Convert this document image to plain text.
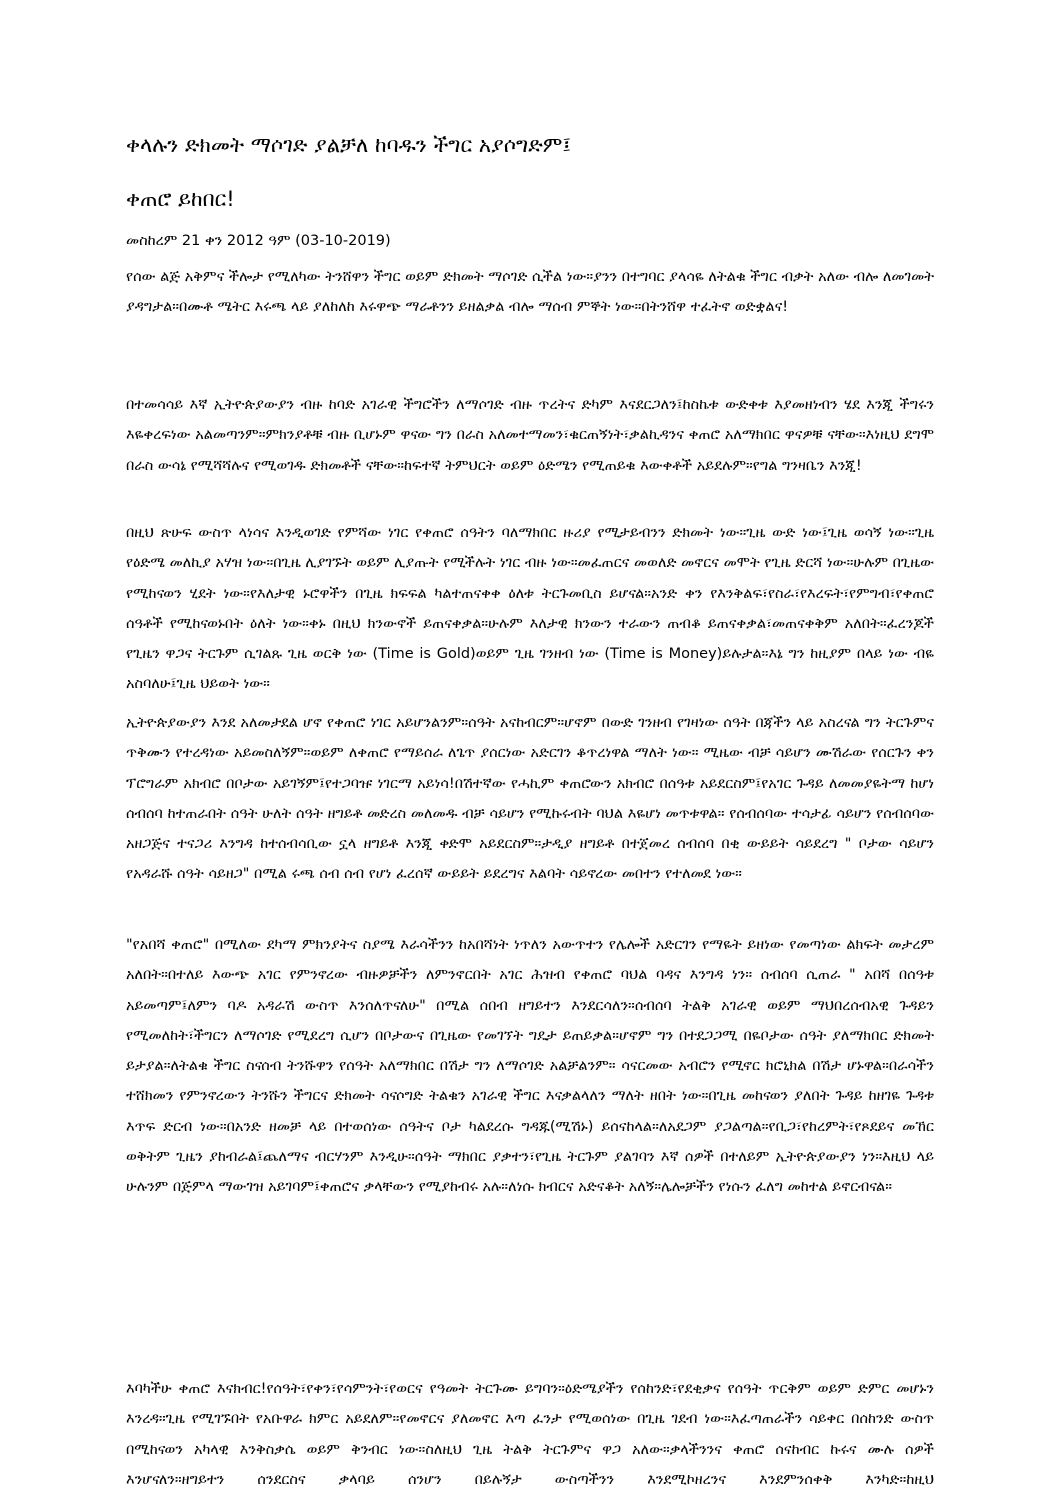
ቀላሉን ድክመት ማሶገድ ያልቻለ ከባዱን ችግር አያሶግድም፤
ቀጠሮ ይከበር!
መስከረም 21 ቀን 2012 ዓም (03-10-2019)

የሰው ልጅ አቅምና ችሎታ የሚለካው ትንሸዋን ችግር ወይም ድክመት ማሶገድ ሲችል ነው።ያንን በተግባር ያላሳዬ ለትልቁ ችግር ብቃት አለው ብሎ ለመገመት ያዳግታል።በሙቶ ሜትር እሩጫ ላይ ያለከለከ እሩዋጭ ማራቶንን ይዘልቃል ብሎ ማሰብ ምኞት ነው።በትንሸዋ ተፈትኖ ወድቋልና!

በተመሳሳይ እኛ ኢትዮጵያውያን ብዙ ከባድ አገራዊ ችግሮችን ለማሶገድ ብዙ ጥረትና ድካም እናደርጋለን፤ከስኬቱ ውድቀቱ እያመዘነብን ሄደ እንጂ ችግሩን እዬቀረፍነው አልመጣንም።ምክንያቶቹ ብዙ ቢሆኑም ዋናው ግን በራስ አለመተማመን፣ቁርጠኝነት፣ቃልኪዳንና ቀጠሮ አለማክበር ዋናዎቹ ናቸው።እነዚህ ደግሞ በራስ ውሳኔ የሚሻሻሉና የሚወገዱ ድክመቶች ናቸው።ከፍተኛ ትምህርት ወይም ዕድሜን የሚጠይቁ እውቀቶች አይደሉም።የግል ግንዛቤን እንጂ!

በዚህ ጽሁፍ ውስጥ ላነሳና እንዲወገድ የምሻው ነገር የቀጠሮ ሰዓትን ባለማክበር ዙሪያ የሚታይብንን ድክመት ነው።ጊዜ ውድ ነው፤ጊዜ ወሳኝ ነው።ጊዜ የዕድሜ መለኪያ አሃዝ ነው።በጊዜ ሊያገኙት ወይም ሊያጡት የሚችሉት ነገር ብዙ ነው።መፈጠርና መወለድ መኖርና መሞት የጊዜ ድርሻ ነው።ሁሉም በጊዜው የሚከናወን ሂደት ነው።የእለታዊ ኑሮዋችን በጊዜ ክፍፍል ካልተጠናቀቀ ዕለቱ ትርጉመቢስ ይሆናል።አንድ ቀን የእንቅልፍ፣የስራ፣የእረፍት፣የምግብ፣የቀጠሮ ሰዓቶች የሚከናወኑበት ዕለት ነው።ቀኑ በዚህ ክንውኖች ይጠናቀቃል።ሁሉም እለታዊ ክንውን ተራውን ጠብቆ ይጠናቀቃል፣መጠናቀቅም አለበት።ፈረንጆች የጊዜን ዋጋና ትርጉም ሲገልጹ ጊዜ ወርቅ ነው (Time is Gold)ወይም ጊዜ ገንዘብ ነው (Time is Money)ይሉታል።እኔ ግን ከዚያም በላይ ነው ብዬ አስባለሁ፤ጊዜ ህይወት ነው።

ኢትዮጵያውያን እንደ አለመታደል ሆኖ የቀጠሮ ነገር አይሆንልንም።ሰዓት አናከብርም።ሆኖም በውድ ገንዘብ የገዛነው ሰዓት በጃችን ላይ አስረናል ግን ትርጉምና ጥቅሙን የተረዳነው አይመስለኝም።ወይም ለቀጠሮ የማይሰራ ለጌጥ ያሰርነው አድርገን ቆጥረነዋል ማለት ነው። ሚዜው ብቻ ሳይሆን ሙሽራው የሰርጉን ቀን ፕሮግራም አክብሮ በቦታው አይገኝም፤የተጋባዡ ነገርማ አይነሳ!በሽተኛው የሓኪም ቀጠሮውን አክብሮ በሰዓቱ አይደርስም፤የአገር ጉዳይ ለመመያዬትማ ከሆነ ሰብሰባ ከተጠራበት ሰዓት ሁለት ሰዓት ዘግይቶ መድረስ መለመዱ ብቻ ሳይሆን የሚኩሩብት ባህል እዬሆነ መጥቱዋል። የሰብሰባው ተሳታፊ ሳይሆን የሰብሰባው አዘጋጅና ተናጋሪ እንግዳ ከተሰብሳቢው ኗላ ዘግይቶ እንጂ ቀድሞ አይደርስም።ታዲያ ዘግይቶ በተጀመረ ሰብሰባ በቂ ውይይት ሳይደረግ " ቦታው ሳይሆን የአዳራሹ ሰዓት ሳይዘጋ" በሚል ሩጫ ሰብ ሰብ የሆነ ፈረሰኛ ውይይት ይደረግና እልባት ሳይኖረው መበተን የተለመደ ነው።

"የአበሻ ቀጠሮ" በሚለው ደካማ ምክንያትና ስያሜ እራሳችንን ከአበሻነት ነጥለን አውጥተን የሌሎች አድርገን የማዬት ይዘነው የመጣነው ልክፍት መታረም አለበት።በተለይ እውጭ አገር የምንኖረው ብዙዎቻችን ለምንኖርበት አገር ሕዝብ የቀጠሮ ባህል ባዳና እንግዳ ነን። ሰብሰባ ሲጠራ " አበሻ በሰዓቱ አይመጣም፤ለምን ባዶ አዳራሽ ውስጥ እንሰለጥናለሁ" በሚል ሰበብ ዘግይተን እንደርሳለን።ሰብሰባ ትልቅ አገራዊ ወይም ማህበረሰብአዊ ጉዳይን የሚመለከት፣ችግርን ለማሶገድ የሚደረግ ሲሆን በቦታውና በጊዜው የመገኘት ግዴታ ይጠይቃል።ሆኖም ግን በተደጋጋሚ በዬቦታው ሰዓት ያለማክበር ድክመት ይታያል።ለትልቁ ችግር ስናሰብ ትንሹዋን የሰዓት አለማክበር በሽታ ግን ለማሶገድ አልቻልንም። ሳናርመው አብሮን የሚኖር ክሮኒክል በሽታ ሆኑዋል።በራሳችን ተሸክመን የምንኖረውን ትንሹን ችግርና ድክመት ሳናሶግድ ትልቁን አገራዊ ችግር እናቃልላለን ማለት ዘበት ነው።በጊዜ መከናወን ያለበት ጉዳይ ከዘገዬ ጉዳቱ እጥፍ ድርብ ነው።በአንድ ዘመቻ ላይ በተወሰነው ሰዓትና ቦታ ካልደረሱ ግዳጁ(ሚሽኑ) ይሰናከላል።ለአደጋም ያጋልጣል።የቢጋ፣የከረምት፣የጾደይና መኸር ወቅትም ጊዜን ያከብራል፤ጨለማና ብርሃንም እንዲሁ።ሰዓት ማክበር ያቃተን፣የጊዜ ትርጉም ያልገባን እኛ ሰዎች በተለይም ኢትዮጵያውያን ነን።እዚህ ላይ ሁሉንም በጅምላ ማውገዝ አይገባም፤ቀጠሮና ቃላቸውን የሚያከብሩ አሉ።ለነሱ ክብርና አድናቆት አለኝ።ሌሎቻችን የነሱን ፈለግ መከተል ይኖርብናል።

እባካችሁ ቀጠሮ እናክብር!የሰዓት፣የቀን፣የሳምንት፣የወርና የዓመት ትርጉሙ ይግባን።ዕድሜያችን የሰከንድ፣የደቂቃና የሰዓት ጥርቅም ወይም ድምር መሆኑን እንረዳ።ጊዜ የሚገኙበት የአቡዋራ ክምር አይደለም።የመኖርና ያለመኖር እጣ ፈንታ የሚወሰነው በጊዜ ገደብ ነው።እፈጣጠራችን ሳይቀር በሰከንድ ውስጥ በሚከናወን አካላዊ እንቅስቃሴ ወይም ቅንብር ነው።ስለዚህ ጊዜ ትልቅ ትርጉምና ዋጋ አለው።ቃላችንንና ቀጠሮ ሰናከብር ኩሩና ሙሉ ሰዎች እንሆናለን።ዘግይተን ሰንደርስና ቃላባይ ሰንሆን በይሉኝታ ውስጣችንን እንደሚኮዘረንና እንደምንሰቀቅ እንካድ።ከዚህ
